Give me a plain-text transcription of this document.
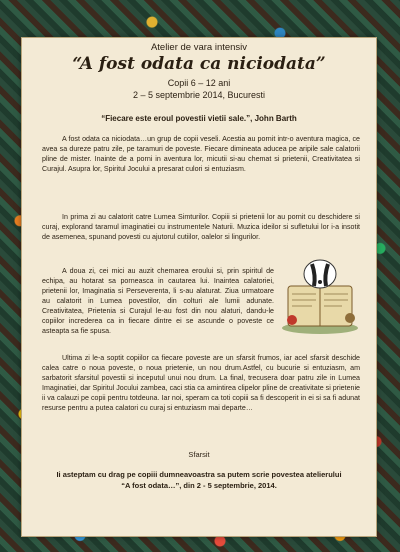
Atelier de vara intensiv
“A fost odata ca niciodata”
Copii 6 – 12 ani
2 – 5 septembrie 2014, Bucuresti
“Fiecare este eroul povestii vietii sale.”, John Barth

A fost odata ca niciodata…un grup de copii veseli. Acestia au pornit intr-o aventura magica, ce avea sa dureze patru zile, pe taramuri de poveste. Fiecare dimineata aducea pe aripile sale calatorii pline de mister. Inainte de a porni in aventura lor, micutii si-au chemat si prietenii, Creativitatea si Curajul. Asupra lor, Spiritul Jocului a presarat culori si entuziasm.

In prima zi au calatorit catre Lumea Simturilor. Copiii si prietenii lor au pornit cu deschidere si curaj, explorand taramul imaginatiei cu instrumentele Naturii. Muzica ideilor si sufletului lor i-a insotit de asemenea, spunand povesti cu ajutorul cutiilor, oalelor si lingurilor.

A doua zi, cei mici au auzit chemarea eroului si, prin spiritul de echipa, au hotarat sa porneasca in cautarea lui. Inaintea calatoriei, prietenii lor, Imaginatia si Perseverenta, li s-au alaturat. Ziua urmatoare au calatorit in Lumea povestilor, din colturi ale lumii adunate. Creativitatea, Prietenia si Curajul le-au fost din nou alaturi, dandu-le copiilor increderea ca in fiecare dintre ei se ascunde o poveste ce asteapta sa fie spusa.

Ultima zi le-a soptit copiilor ca fiecare poveste are un sfarsit frumos, iar acel sfarsit deschide calea catre o noua poveste, o noua prietenie, un nou drum.Astfel, cu bucurie si entuziasm, am sarbatorit sfarsitul povestii si inceputul unui nou drum. La final, trecusera doar patru zile in Lumea Imaginatiei, dar Spiritul Jocului zambea, caci stia ca amintirea clipelor pline de creativitate si prietenie ii va calauzi pe copii pentru totdeuna. Iar noi, speram ca toti copiii sa fi descoperit in ei si sa fi adunat resurse pentru a putea calatori cu curaj si entuziasm mai departe…

Sfarsit
Ii asteptam cu drag pe copiii dumneavoastra sa putem scrie povestea atelierului “A fost odata…”, din 2 - 5 septembrie, 2014.
